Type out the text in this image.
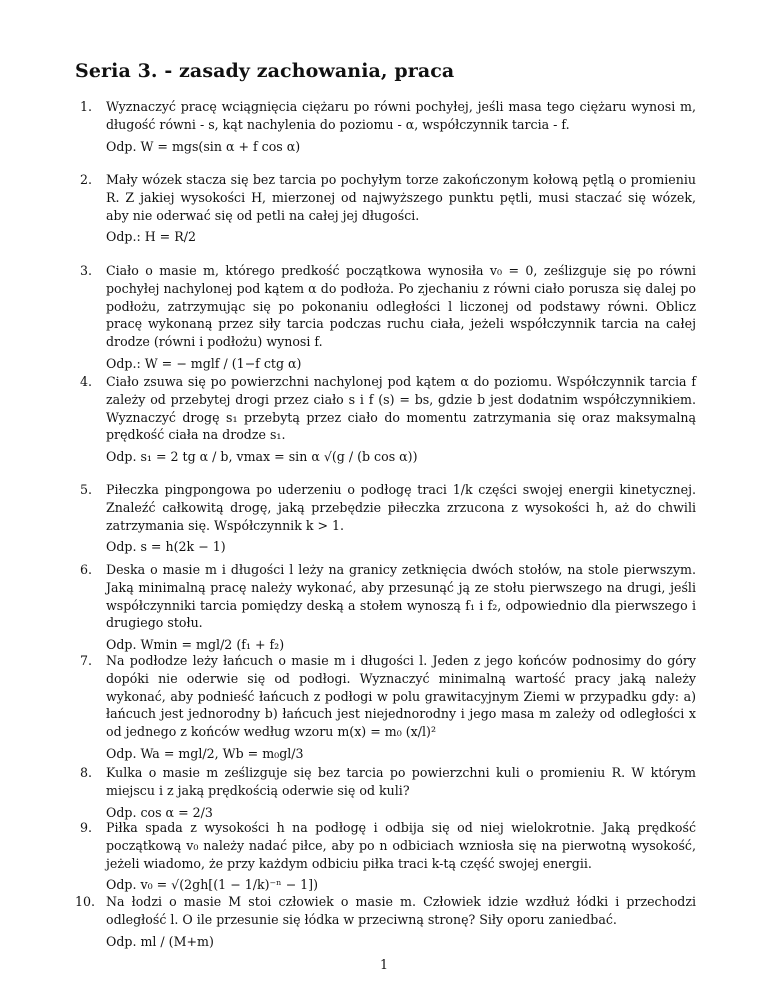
Seria 3. - zasady zachowania, praca
1. Wyznaczyć pracę wciągnięcia ciężaru po równi pochyłej, jeśli masa tego ciężaru wynosi m, długość równi - s, kąt nachylenia do poziomu - α, współczynnik tarcia - f.
Odp. W = mgs(sin α + f cos α)
2. Mały wózek stacza się bez tarcia po pochyłym torze zakończonym kołową pętlą o promieniu R. Z jakiej wysokości H, mierzonej od najwyższego punktu pętli, musi staczać się wózek, aby nie oderwać się od petli na całej jej długości.
Odp.: H = R/2
3. Ciało o masie m, którego predkość początkowa wynosiła v₀ = 0, ześlizguje się po równi pochyłej nachylonej pod kątem α do podłoża. Po zjechaniu z równi ciało porusza się dalej po podłożu, zatrzymując się po pokonaniu odległości l liczonej od podstawy równi. Oblicz pracę wykonaną przez siły tarcia podczas ruchu ciała, jeżeli współczynnik tarcia na całej drodze (równi i podłożu) wynosi f.
Odp.: W = − mglf / (1−f ctg α)
4. Ciało zsuwa się po powierzchni nachylonej pod kątem α do poziomu. Współczynnik tarcia f zależy od przebytej drogi przez ciało s i f (s) = bs, gdzie b jest dodatnim współczynnikiem. Wyznaczyć drogę s₁ przebytą przez ciało do momentu zatrzymania się oraz maksymalną prędkość ciała na drodze s₁.
Odp. s₁ = 2 tg α / b, vmax = sin α √(g / (b cos α))
5. Piłeczka pingpongowa po uderzeniu o podłogę traci 1/k części swojej energii kinetycznej. Znaleźć całkowitą drogę, jaką przebędzie piłeczka zrzucona z wysokości h, aż do chwili zatrzymania się. Współczynnik k > 1.
Odp. s = h(2k − 1)
6. Deska o masie m i długości l leży na granicy zetknięcia dwóch stołów, na stole pierwszym. Jaką minimalną pracę należy wykonać, aby przesunąć ją ze stołu pierwszego na drugi, jeśli współczynniki tarcia pomiędzy deską a stołem wynoszą f₁ i f₂, odpowiednio dla pierwszego i drugiego stołu.
Odp. Wmin = mgl/2 (f₁ + f₂)
7. Na podłodze leży łańcuch o masie m i długości l. Jeden z jego końców podnosimy do góry dopóki nie oderwie się od podłogi. Wyznaczyć minimalną wartość pracy jaką należy wykonać, aby podnieść łańcuch z podłogi w polu grawitacyjnym Ziemi w przypadku gdy: a) łańcuch jest jednorodny b) łańcuch jest niejednorodny i jego masa m zależy od odległości x od jednego z końców według wzoru m(x) = m₀ (x/l)²
Odp. Wa = mgl/2, Wb = m₀gl/3
8. Kulka o masie m ześlizguje się bez tarcia po powierzchni kuli o promieniu R. W którym miejscu i z jaką prędkością oderwie się od kuli?
Odp. cos α = 2/3
9. Piłka spada z wysokości h na podłogę i odbija się od niej wielokrotnie. Jaką prędkość początkową v₀ należy nadać piłce, aby po n odbiciach wzniosła się na pierwotną wysokość, jeżeli wiadomo, że przy każdym odbiciu piłka traci k-tą część swojej energii.
Odp. v₀ = √(2gh[(1 − 1/k)⁻ⁿ − 1])
10. Na łodzi o masie M stoi człowiek o masie m. Człowiek idzie wzdłuż łódki i przechodzi odległość l. O ile przesunie się łódka w przeciwną stronę? Siły oporu zaniedbać.
Odp. ml / (M+m)
1
